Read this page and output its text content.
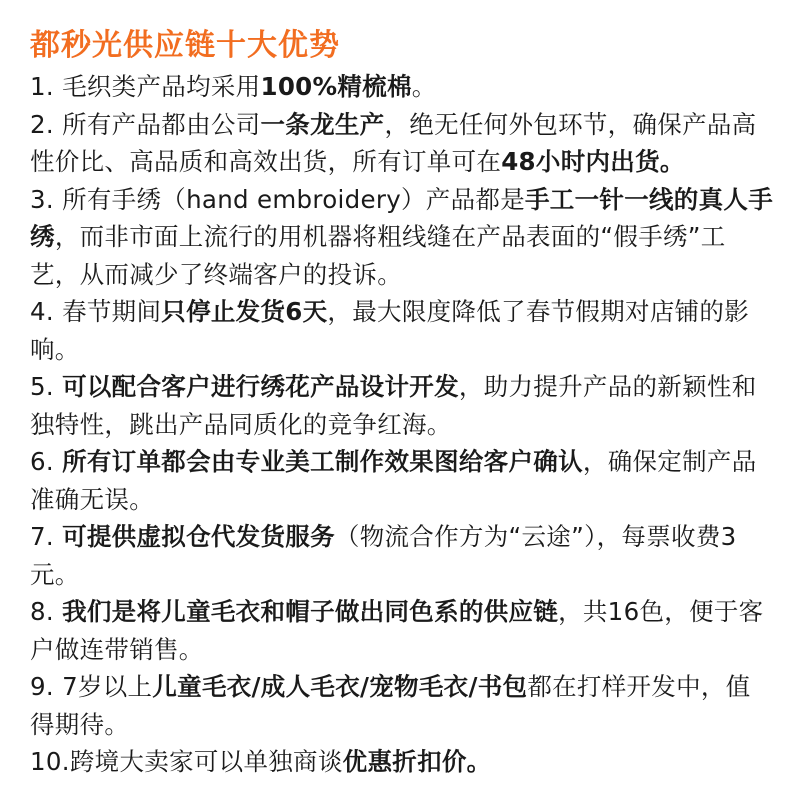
都秒光供应链十大优势
1. 毛织类产品均采用100%精梳棉。
2. 所有产品都由公司一条龙生产，绝无任何外包环节，确保产品高性价比、高品质和高效出货，所有订单可在48小时内出货。
3. 所有手绣（hand embroidery）产品都是手工一针一线的真人手绣，而非市面上流行的用机器将粗线缝在产品表面的“假手绣”工艺，从而减少了终端客户的投诉。
4. 春节期间只停止发货6天，最大限度降低了春节假期对店铺的影响。
5. 可以配合客户进行绣花产品设计开发，助力提升产品的新颖性和独特性，跳出产品同质化的竞争红海。
6. 所有订单都会由专业美工制作效果图给客户确认，确保定制产品准确无误。
7. 可提供虚拟仓代发货服务（物流合作方为“云途”），每票收费3元。
8. 我们是将儿童毛衣和帽子做出同色系的供应链，共16色，便于客户做连带销售。
9. 7岁以上儿童毛衣/成人毛衣/宠物毛衣/书包都在打样开发中，值得期待。
10.跨境大卖家可以单独商谈优惠折扣价。
